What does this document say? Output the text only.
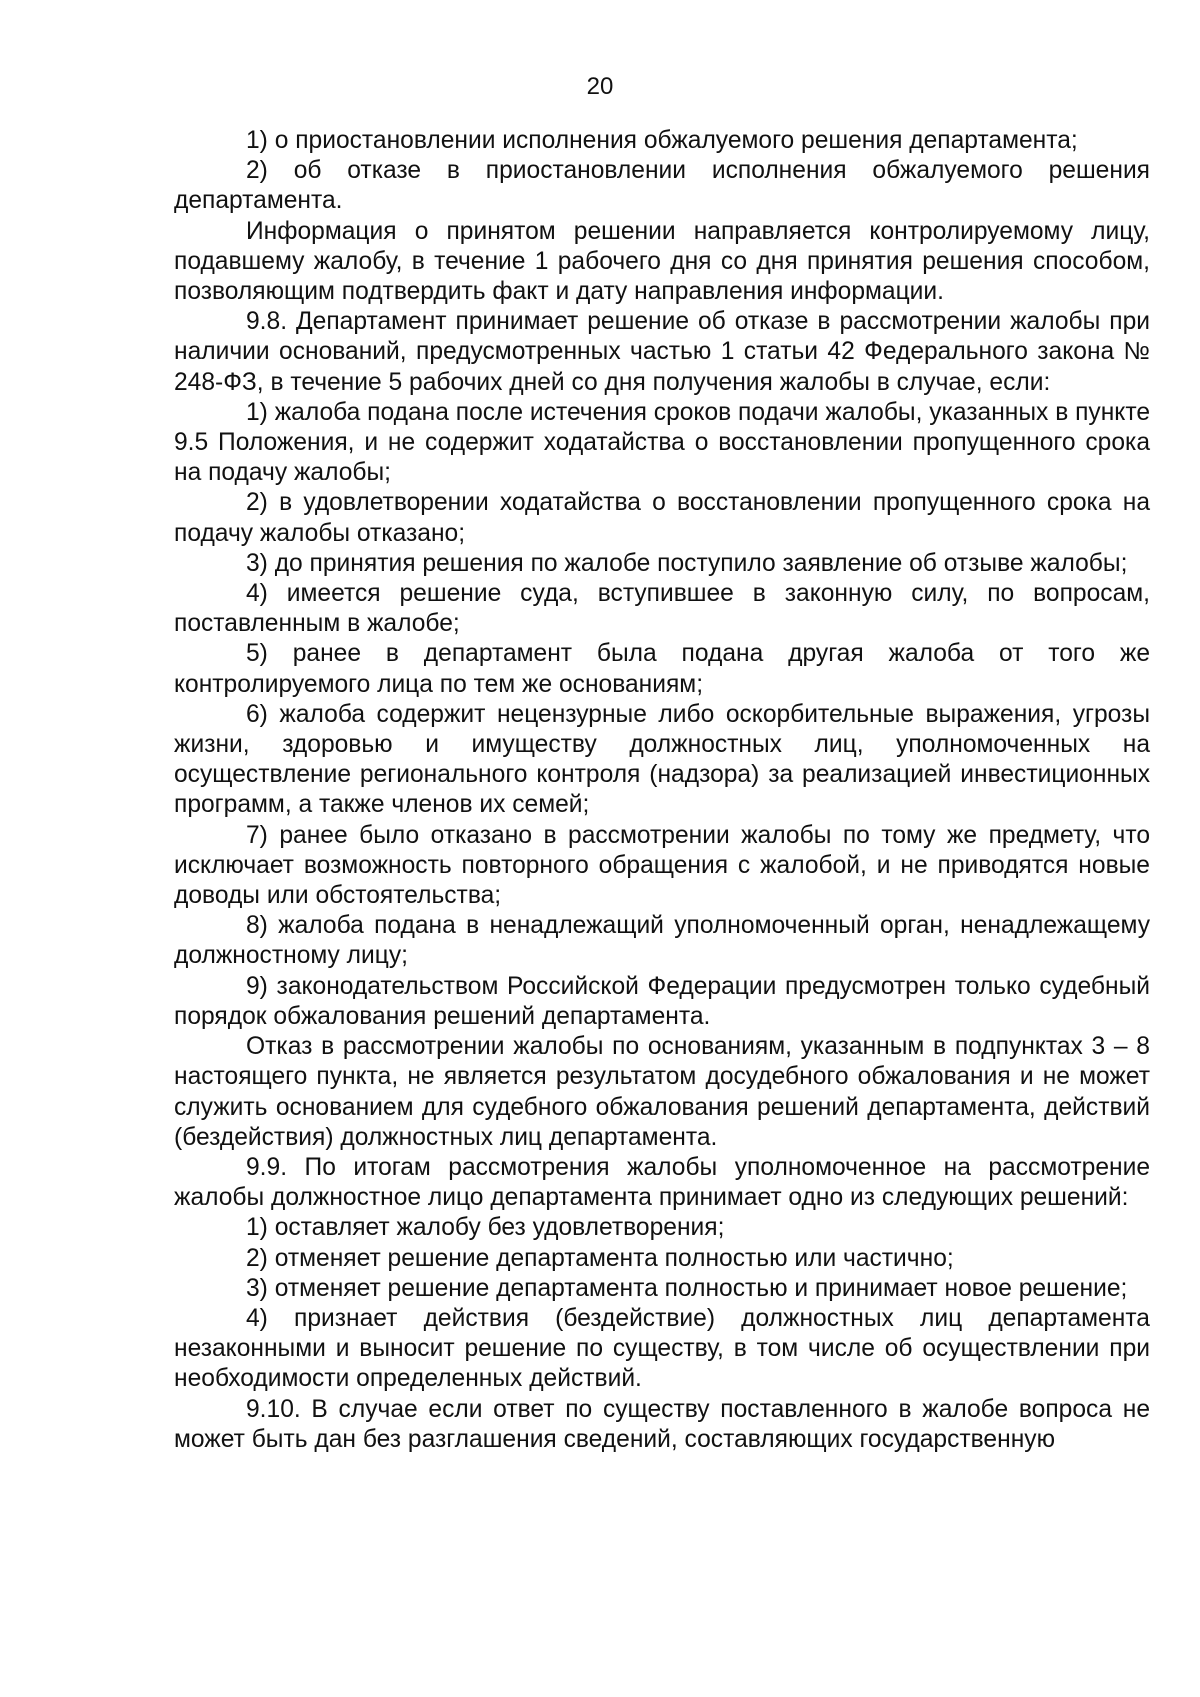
20

1) о приостановлении исполнения обжалуемого решения департамента;

2) об отказе в приостановлении исполнения обжалуемого решения департамента.

Информация о принятом решении направляется контролируемому лицу, подавшему жалобу, в течение 1 рабочего дня со дня принятия решения способом, позволяющим подтвердить факт и дату направления информации.

9.8. Департамент принимает решение об отказе в рассмотрении жалобы при наличии оснований, предусмотренных частью 1 статьи 42 Федерального закона № 248-ФЗ, в течение 5 рабочих дней со дня получения жалобы в случае, если:

1) жалоба подана после истечения сроков подачи жалобы, указанных в пункте 9.5 Положения, и не содержит ходатайства о восстановлении пропущенного срока на подачу жалобы;

2) в удовлетворении ходатайства о восстановлении пропущенного срока на подачу жалобы отказано;

3) до принятия решения по жалобе поступило заявление об отзыве жалобы;

4) имеется решение суда, вступившее в законную силу, по вопросам, поставленным в жалобе;

5) ранее в департамент была подана другая жалоба от того же контролируемого лица по тем же основаниям;

6) жалоба содержит нецензурные либо оскорбительные выражения, угрозы жизни, здоровью и имуществу должностных лиц, уполномоченных на осуществление регионального контроля (надзора) за реализацией инвестиционных программ, а также членов их семей;

7) ранее было отказано в рассмотрении жалобы по тому же предмету, что исключает возможность повторного обращения с жалобой, и не приводятся новые доводы или обстоятельства;

8) жалоба подана в ненадлежащий уполномоченный орган, ненадлежащему должностному лицу;

9) законодательством Российской Федерации предусмотрен только судебный порядок обжалования решений департамента.

Отказ в рассмотрении жалобы по основаниям, указанным в подпунктах 3 – 8 настоящего пункта, не является результатом досудебного обжалования и не может служить основанием для судебного обжалования решений департамента, действий (бездействия) должностных лиц департамента.

9.9. По итогам рассмотрения жалобы уполномоченное на рассмотрение жалобы должностное лицо департамента принимает одно из следующих решений:

1) оставляет жалобу без удовлетворения;

2) отменяет решение департамента полностью или частично;

3) отменяет решение департамента полностью и принимает новое решение;

4) признает действия (бездействие) должностных лиц департамента незаконными и выносит решение по существу, в том числе об осуществлении при необходимости определенных действий.

9.10. В случае если ответ по существу поставленного в жалобе вопроса не может быть дан без разглашения сведений, составляющих государственную
